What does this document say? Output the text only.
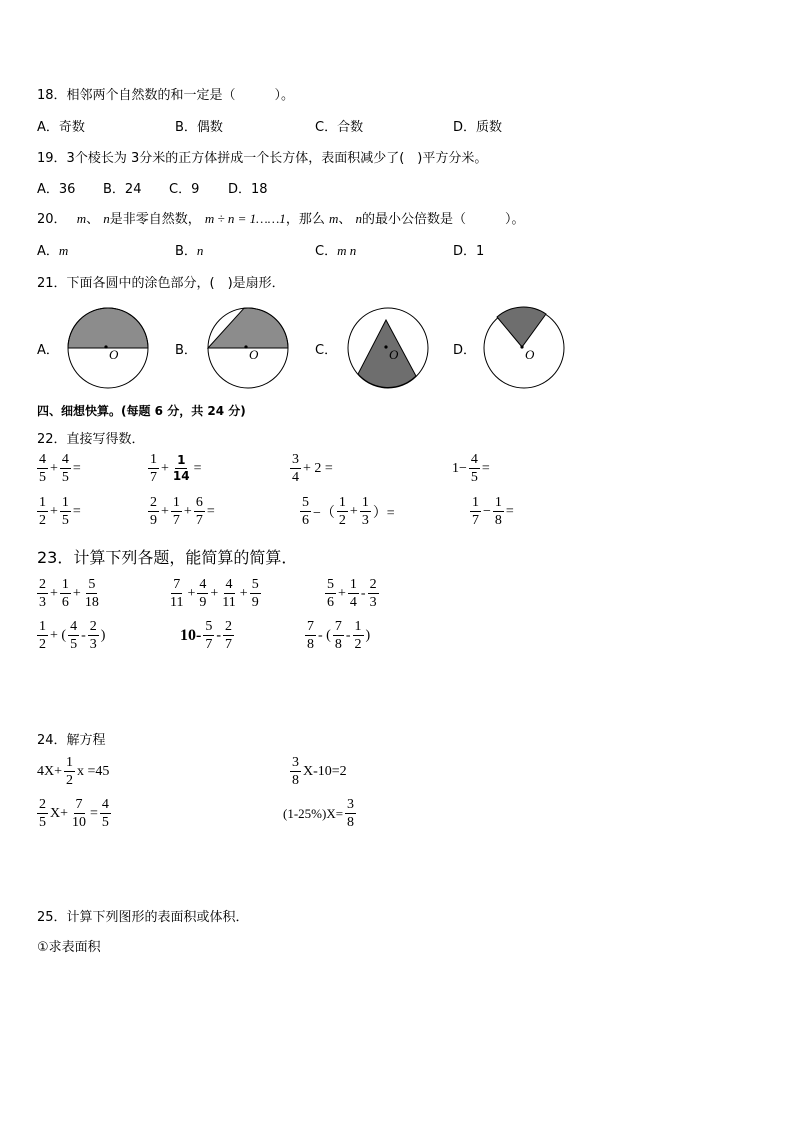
18．相邻两个自然数的和一定是（　　　）。
A．奇数	B．偶数	C．合数	D．质数
19．3个棱长为 3分米的正方体拼成一个长方体，表面积减少了(　)平方分米。
A．36 B．24 C．9 D．18
20． m、 n是非零自然数， m ÷ n = 1……1，那么 m、 n的最小公倍数是（　　　）。
A．m	B．n	C．m n	D．1
21．下面各圆中的涂色部分，(　)是扇形．
A．	O	B．	O	C．	O	D．	O
四、细想快算。(每题 6 分，共 24 分)
22．直接写得数．
$\frac{4}{5} + \frac{4}{5}$ =	$\frac{1}{7} + \frac{1}{14}$ =	$\frac{3}{4} + 2$ =	$1- \frac{4}{5}$ =
$\frac{1}{2} + \frac{1}{5}$ =	$\frac{2}{9} + \frac{1}{7} + \frac{6}{7}$ =	$\frac{5}{6}$ −（ $\frac{1}{2} + \frac{1}{3}$ ）=	$\frac{1}{7} - \frac{1}{8}$ =
23．计算下列各题，能简算的简算．
$\frac{2}{3} + \frac{1}{6} + \frac{5}{18}$	$\frac{7}{11} + \frac{4}{9} + \frac{4}{11} + \frac{5}{9}$	$\frac{5}{6} + \frac{1}{4} - \frac{2}{3}$
$\frac{1}{2}$ + ( $\frac{4}{5} - \frac{2}{3}$ )	$10- \frac{5}{7} - \frac{2}{7}$	$\frac{7}{8}$ - ( $\frac{7}{8} - \frac{1}{2}$ )
24．解方程
$4X+ \frac{1}{2}$ x =45	$\frac{3}{8} X-10=2$
$\frac{2}{5} X+ \frac{7}{10} = \frac{4}{5}$	$(1-25\%)X= \frac{3}{8}$
25．计算下列图形的表面积或体积．
①求表面积
